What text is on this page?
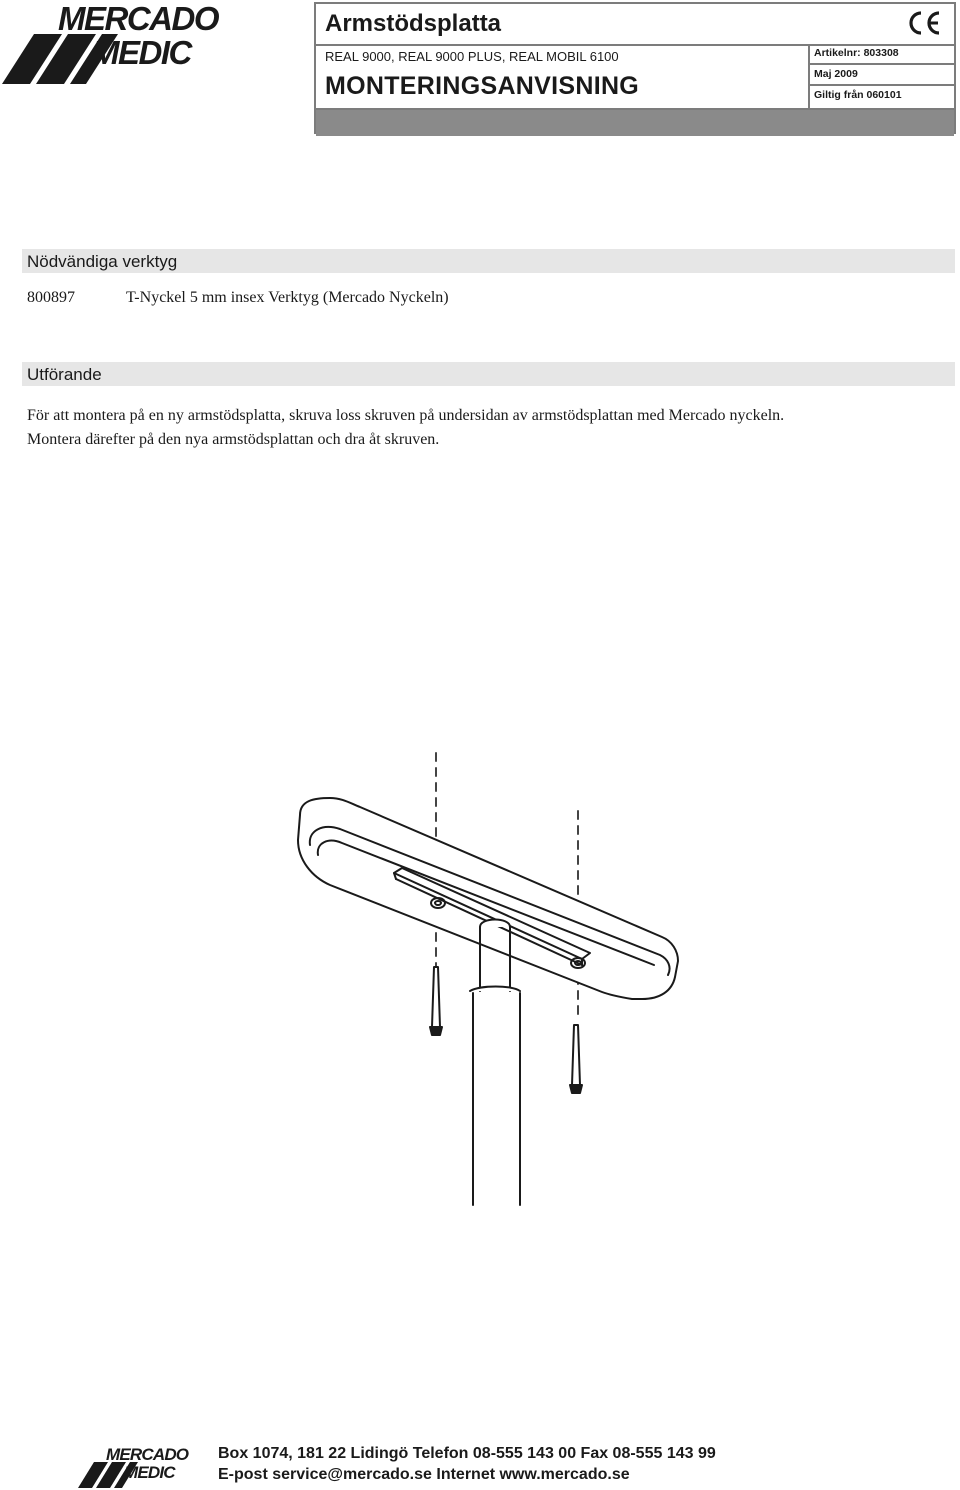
MERCADO
MEDIC
Armstödsplatta
REAL 9000, REAL 9000 PLUS, REAL MOBIL 6100
MONTERINGSANVISNING
Artikelnr: 803308
Maj 2009
Giltig från 060101
Nödvändiga verktyg
800897	T-Nyckel 5 mm insex Verktyg (Mercado Nyckeln)
Utförande
För att montera på en ny armstödsplatta, skruva loss skruven på undersidan av armstödsplattan med Mercado nyckeln.
Montera därefter på den nya armstödsplattan och dra åt skruven.
MERCADO
MEDIC
Box 1074, 181 22 Lidingö Telefon 08-555 143 00 Fax 08-555 143 99
E-post service@mercado.se Internet www.mercado.se
